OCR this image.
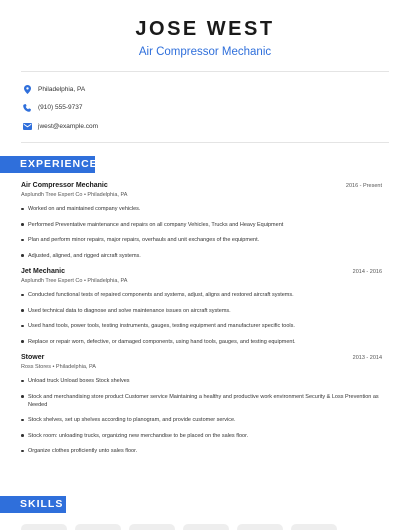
JOSE WEST
Air Compressor Mechanic
Philadelphia, PA
(910) 555-9737
jwest@example.com
EXPERIENCE
Air Compressor Mechanic	2016 - Present
Asplundh Tree Expert Co • Philadelphia, PA
Worked on and maintained company vehicles.
Performed Preventative maintenance and repairs on all company Vehicles, Trucks and Heavy Equipment
Plan and perform minor repairs, major repairs, overhauls and unit exchanges of the equipment.
Adjusted, aligned, and rigged aircraft systems.
Jet Mechanic	2014 - 2016
Asplundh Tree Expert Co • Philadelphia, PA
Conducted functional tests of repaired components and systems, adjust, aligns and restored aircraft systems.
Used technical data to diagnose and solve maintenance issues on aircraft systems.
Used hand tools, power tools, testing instruments, gauges, testing equipment and manufacturer specific tools.
Replace or repair worn, defective, or damaged components, using hand tools, gauges, and testing equipment.
Stower	2013 - 2014
Ross Stores • Philadelphia, PA
Unload truck Unload boxes Stock shelves
Stock and merchandising store product Customer service Maintaining a healthy and productive work environment Security & Loss Prevention as Needed
Stock shelves, set up shelves according to planogram, and provide customer service.
Stock room: unloading trucks, organizing new merchandise to be placed on the sales floor.
Organize clothes proficiently unto sales floor.
SKILLS
